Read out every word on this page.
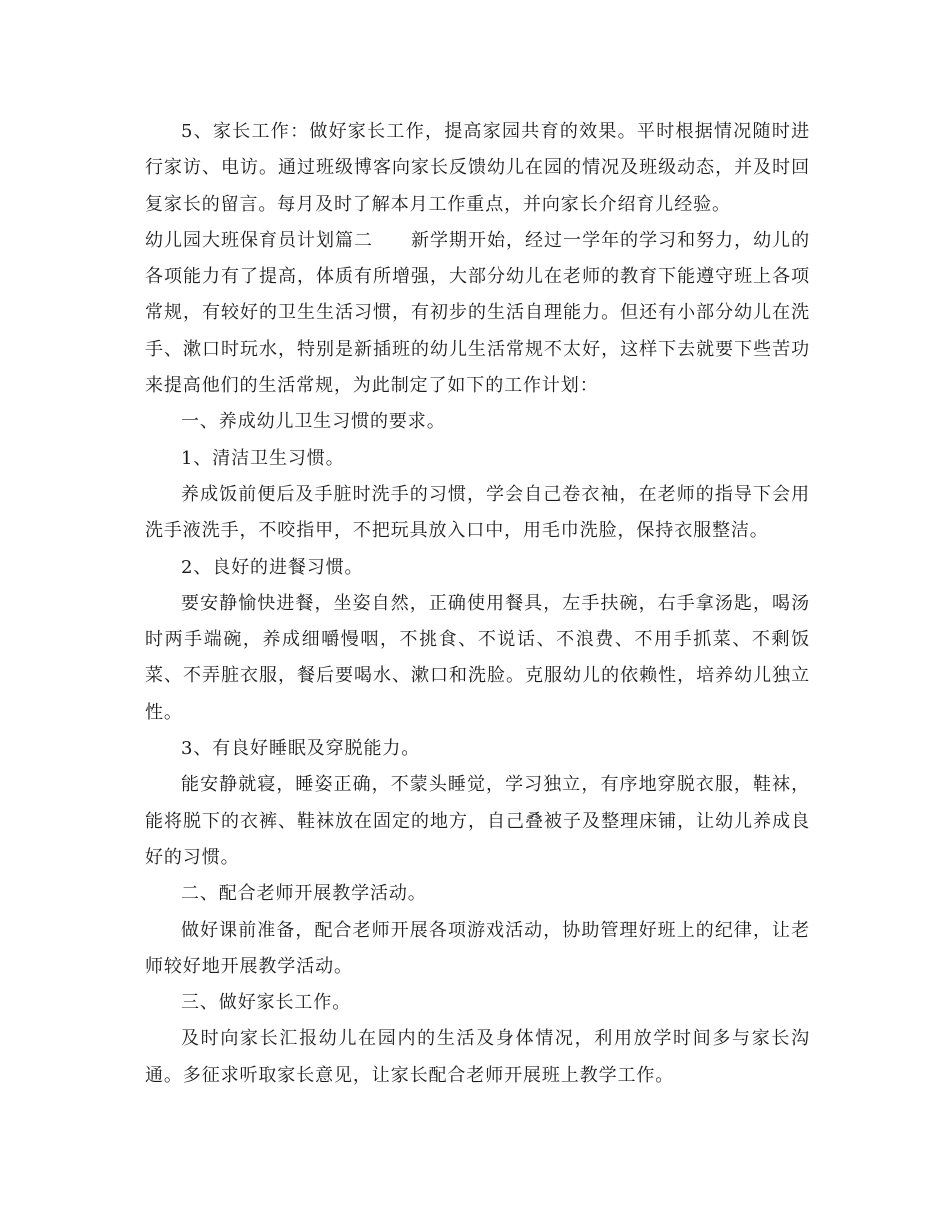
5、家长工作：做好家长工作，提高家园共育的效果。平时根据情况随时进行家访、电访。通过班级博客向家长反馈幼儿在园的情况及班级动态，并及时回复家长的留言。每月及时了解本月工作重点，并向家长介绍育儿经验。

幼儿园大班保育员计划篇二　　新学期开始，经过一学年的学习和努力，幼儿的各项能力有了提高，体质有所增强，大部分幼儿在老师的教育下能遵守班上各项常规，有较好的卫生生活习惯，有初步的生活自理能力。但还有小部分幼儿在洗手、漱口时玩水，特别是新插班的幼儿生活常规不太好，这样下去就要下些苦功来提高他们的生活常规，为此制定了如下的工作计划：

一、养成幼儿卫生习惯的要求。

1、清洁卫生习惯。

养成饭前便后及手脏时洗手的习惯，学会自己卷衣袖，在老师的指导下会用洗手液洗手，不咬指甲，不把玩具放入口中，用毛巾洗脸，保持衣服整洁。

2、良好的进餐习惯。

要安静愉快进餐，坐姿自然，正确使用餐具，左手扶碗，右手拿汤匙，喝汤时两手端碗，养成细嚼慢咽，不挑食、不说话、不浪费、不用手抓菜、不剩饭菜、不弄脏衣服，餐后要喝水、漱口和洗脸。克服幼儿的依赖性，培养幼儿独立性。

3、有良好睡眠及穿脱能力。

能安静就寝，睡姿正确，不蒙头睡觉，学习独立，有序地穿脱衣服，鞋袜，能将脱下的衣裤、鞋袜放在固定的地方，自己叠被子及整理床铺，让幼儿养成良好的习惯。

二、配合老师开展教学活动。

做好课前准备，配合老师开展各项游戏活动，协助管理好班上的纪律，让老师较好地开展教学活动。

三、做好家长工作。

及时向家长汇报幼儿在园内的生活及身体情况，利用放学时间多与家长沟通。多征求听取家长意见，让家长配合老师开展班上教学工作。
